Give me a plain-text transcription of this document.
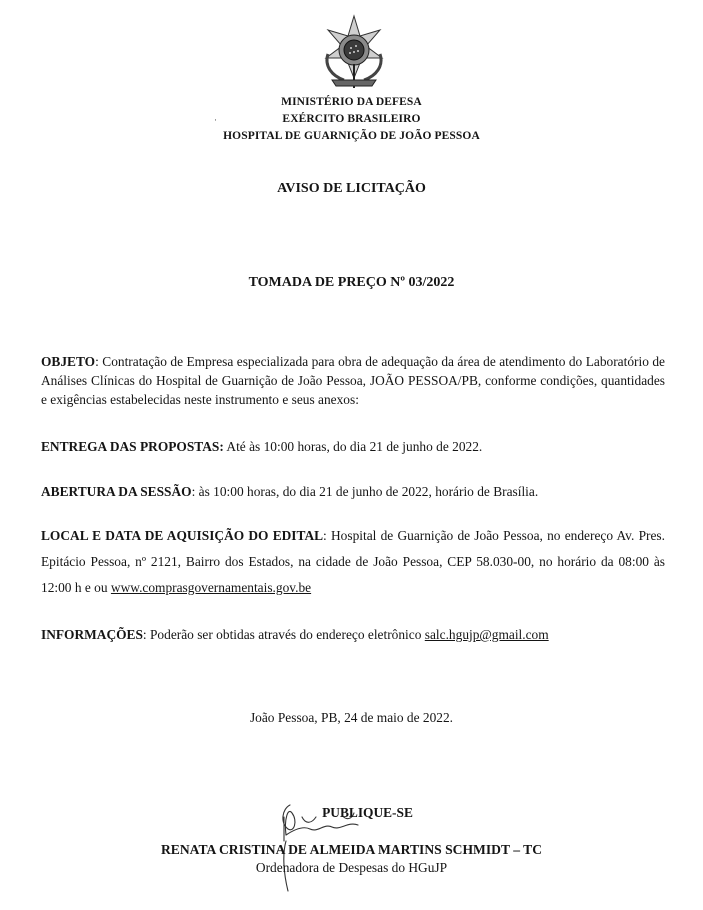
·
MINISTÉRIO DA DEFESA
EXÉRCITO BRASILEIRO
HOSPITAL DE GUARNIÇÃO DE JOÃO PESSOA
AVISO DE LICITAÇÃO
TOMADA DE PREÇO Nº 03/2022
OBJETO: Contratação de Empresa especializada para obra de adequação da área de atendimento do Laboratório de Análises Clínicas do Hospital de Guarnição de João Pessoa, JOÃO PESSOA/PB, conforme condições, quantidades e exigências estabelecidas neste instrumento e seus anexos:
ENTREGA DAS PROPOSTAS: Até às 10:00 horas, do dia 21 de junho de 2022.
ABERTURA DA SESSÃO: às 10:00 horas, do dia 21 de junho de 2022, horário de Brasília.
LOCAL E DATA DE AQUISIÇÃO DO EDITAL: Hospital de Guarnição de João Pessoa, no endereço Av. Pres. Epitácio Pessoa, nº 2121, Bairro dos Estados, na cidade de João Pessoa, CEP 58.030-00, no horário da 08:00 às 12:00 h e ou www.comprasgovernamentais.gov.be
INFORMAÇÕES: Poderão ser obtidas através do endereço eletrônico salc.hgujp@gmail.com
João Pessoa, PB, 24 de maio de 2022.
PUBLIQUE-SE
RENATA CRISTINA DE ALMEIDA MARTINS SCHMIDT – TC
Ordenadora de Despesas do HGuJP
